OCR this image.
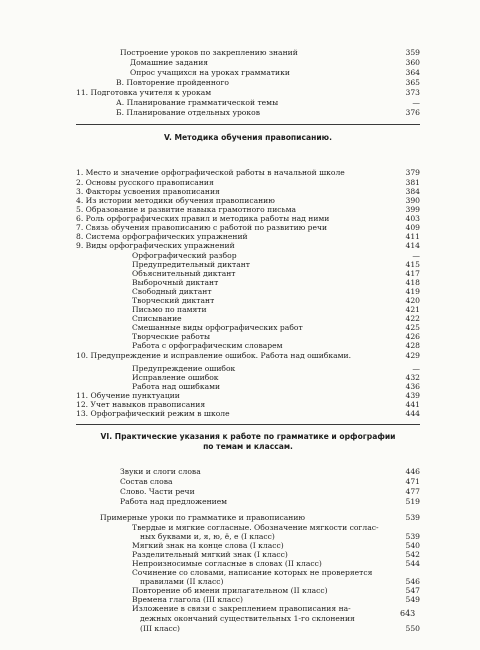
Построение уроков по закреплению знаний	359
Домашние задания	360
Опрос учащихся на уроках грамматики	364
В. Повторение пройденного	365
11. Подготовка учителя к урокам	373
А. Планирование грамматической темы	—
Б. Планирование отдельных уроков	376
1. Место и значение орфографической работы в начальной школе	379
2. Основы русского правописания	381
3. Факторы усвоения правописания	384
4. Из истории методики обучения правописанию	390
5. Образование и развитие навыка грамотного письма	399
6. Роль орфографических правил и методика работы над ними	403
7. Связь обучения правописанию с работой по развитию речи	409
8. Система орфографических упражнений	411
9. Виды орфографических упражнений	414
Орфографический разбор	—
Предупредительный диктант	415
Объяснительный диктант	417
Выборочный диктант	418
Свободный диктант	419
Творческий диктант	420
Письмо по памяти	421
Списывание	422
Смешанные виды орфографических работ	425
Творческие работы	426
Работа с орфографическим словарем	428
10. Предупреждение и исправление ошибок. Работа над ошибками.	429
Предупреждение ошибок	—
Исправление ошибок	432
Работа над ошибками	436
11. Обучение пунктуации	439
12. Учет навыков правописания	441
13. Орфографический режим в школе	444
Звуки и слоги слова	446
Состав слова	471
Слово. Части речи	477
Работа над предложением	519
Примерные уроки по грамматике и правописанию	539
Твердые и мягкие согласные. Обозначение мягкости соглас-
ных буквами и, я, ю, ё, е (I класс)	539
Мягкий знак на конце слова (I класс)	540
Разделительный мягкий знак (I класс)	542
Непроизносимые согласные в словах (II класс)	544
Сочинение со словами, написание которых не проверяется
правилами (II класс)	546
Повторение об имени прилагательном (II класс)	547
Времена глагола (III класс)	549
Изложение в связи с закреплением правописания на-
дежных окончаний существительных 1-го склонения
(III класс)	550
V. Методика обучения правописанию.
VI. Практические указания к работе по грамматике и орфографии
по темам и классам.
643
